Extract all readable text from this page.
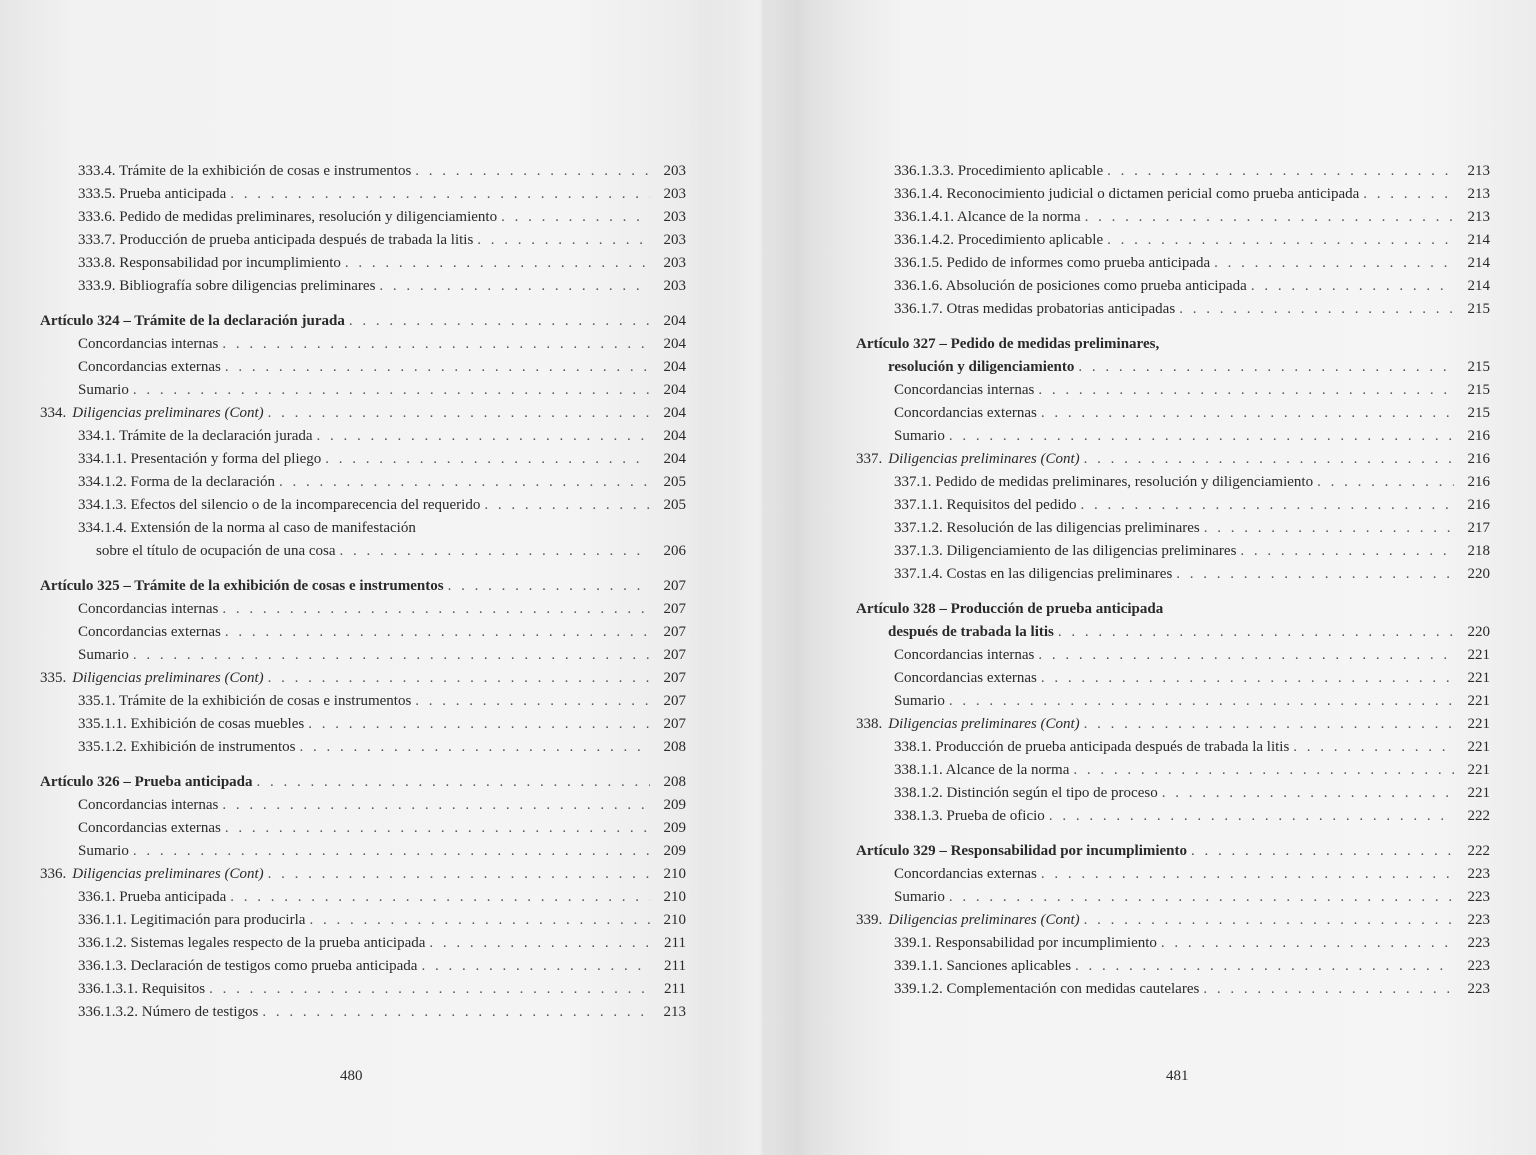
333.4. Trámite de la exhibición de cosas e instrumentos . . .	203
333.5. Prueba anticipada . . .	203
333.6. Pedido de medidas preliminares, resolución y diligenciamiento . . .	203
333.7. Producción de prueba anticipada después de trabada la litis . . .	203
333.8. Responsabilidad por incumplimiento . . .	203
333.9. Bibliografía sobre diligencias preliminares . . .	203
Artículo 324 – Trámite de la declaración jurada . . .	204
Concordancias internas . . .	204
Concordancias externas . . .	204
Sumario . . .	204
334. Diligencias preliminares (Cont) . . .	204
334.1. Trámite de la declaración jurada . . .	204
334.1.1. Presentación y forma del pliego . . .	204
334.1.2. Forma de la declaración . . .	205
334.1.3. Efectos del silencio o de la incomparecencia del requerido . . .	205
334.1.4. Extensión de la norma al caso de manifestación
sobre el título de ocupación de una cosa . . .	206
Artículo 325 – Trámite de la exhibición de cosas e instrumentos . . .	207
Concordancias internas . . .	207
Concordancias externas . . .	207
Sumario . . .	207
335. Diligencias preliminares (Cont) . . .	207
335.1. Trámite de la exhibición de cosas e instrumentos . . .	207
335.1.1. Exhibición de cosas muebles . . .	207
335.1.2. Exhibición de instrumentos . . .	208
Artículo 326 – Prueba anticipada . . .	208
Concordancias internas . . .	209
Concordancias externas . . .	209
Sumario . . .	209
336. Diligencias preliminares (Cont) . . .	210
336.1. Prueba anticipada . . .	210
336.1.1. Legitimación para producirla . . .	210
336.1.2. Sistemas legales respecto de la prueba anticipada . . .	211
336.1.3. Declaración de testigos como prueba anticipada . . .	211
336.1.3.1. Requisitos . . .	211
336.1.3.2. Número de testigos . . .	213
480
336.1.3.3. Procedimiento aplicable . . .	213
336.1.4. Reconocimiento judicial o dictamen pericial como prueba anticipada . . .	213
336.1.4.1. Alcance de la norma . . .	213
336.1.4.2. Procedimiento aplicable . . .	214
336.1.5. Pedido de informes como prueba anticipada . . .	214
336.1.6. Absolución de posiciones como prueba anticipada . . .	214
336.1.7. Otras medidas probatorias anticipadas . . .	215
Artículo 327 – Pedido de medidas preliminares,
resolución y diligenciamiento . . .	215
Concordancias internas . . .	215
Concordancias externas . . .	215
Sumario . . .	216
337. Diligencias preliminares (Cont) . . .	216
337.1. Pedido de medidas preliminares, resolución y diligenciamiento . . .	216
337.1.1. Requisitos del pedido . . .	216
337.1.2. Resolución de las diligencias preliminares . . .	217
337.1.3. Diligenciamiento de las diligencias preliminares . . .	218
337.1.4. Costas en las diligencias preliminares . . .	220
Artículo 328 – Producción de prueba anticipada
después de trabada la litis . . .	220
Concordancias internas . . .	221
Concordancias externas . . .	221
Sumario . . .	221
338. Diligencias preliminares (Cont) . . .	221
338.1. Producción de prueba anticipada después de trabada la litis . . .	221
338.1.1. Alcance de la norma . . .	221
338.1.2. Distinción según el tipo de proceso . . .	221
338.1.3. Prueba de oficio . . .	222
Artículo 329 – Responsabilidad por incumplimiento . . .	222
Concordancias externas . . .	223
Sumario . . .	223
339. Diligencias preliminares (Cont) . . .	223
339.1. Responsabilidad por incumplimiento . . .	223
339.1.1. Sanciones aplicables . . .	223
339.1.2. Complementación con medidas cautelares . . .	223
481
